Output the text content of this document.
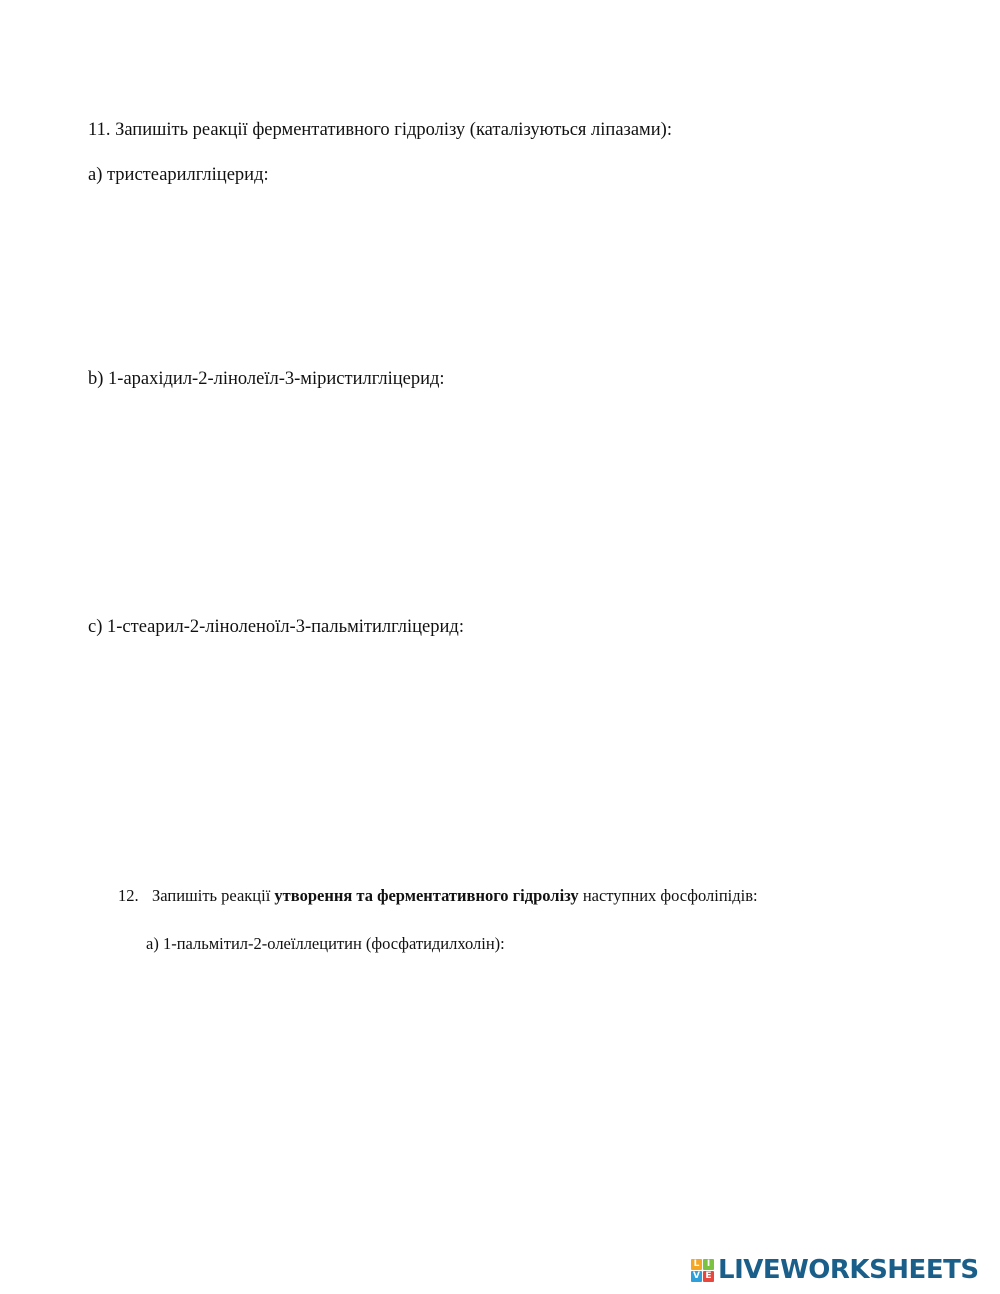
11. Запишіть реакції ферментативного гідролізу (каталізуються ліпазами):
a) тристеарилгліцерид:
b) 1-арахідил-2-лінолеїл-3-міристилгліцерид:
c) 1-стеарил-2-ліноленоїл-3-пальмітилгліцерид:
12. Запишіть реакції утворення та ферментативного гідролізу наступних фосфоліпідів:
a) 1-пальмітил-2-олеїллецитин (фосфатидилхолін):
L I
V E LIVEWORKSHEETS
